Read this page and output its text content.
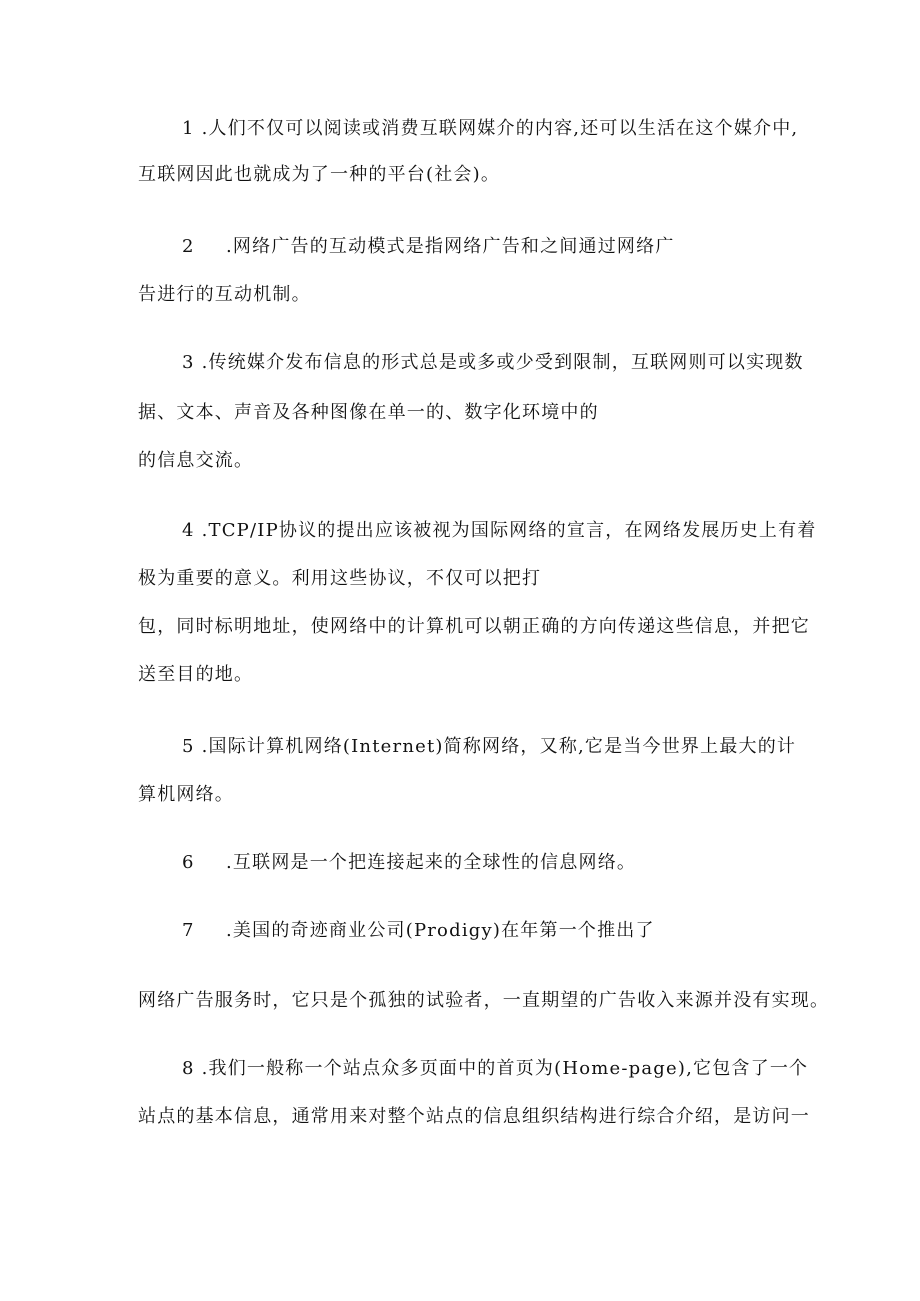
1 .人们不仅可以阅读或消费互联网媒介的内容,还可以生活在这个媒介中,
互联网因此也就成为了一种的平台(社会)。
2 .网络广告的互动模式是指网络广告和之间通过网络广
告进行的互动机制。
3 .传统媒介发布信息的形式总是或多或少受到限制，互联网则可以实现数
据、文本、声音及各种图像在单一的、数字化环境中的
的信息交流。
4 .TCP/IP协议的提出应该被视为国际网络的宣言，在网络发展历史上有着
极为重要的意义。利用这些协议，不仅可以把打
包，同时标明地址，使网络中的计算机可以朝正确的方向传递这些信息，并把它
送至目的地。
5 .国际计算机网络(Internet)简称网络，又称,它是当今世界上最大的计
算机网络。
6 .互联网是一个把连接起来的全球性的信息网络。
7 .美国的奇迹商业公司(Prodigy)在年第一个推出了
网络广告服务时，它只是个孤独的试验者，一直期望的广告收入来源并没有实现。
8 .我们一般称一个站点众多页面中的首页为(Home-page),它包含了一个
站点的基本信息，通常用来对整个站点的信息组织结构进行综合介绍，是访问一
